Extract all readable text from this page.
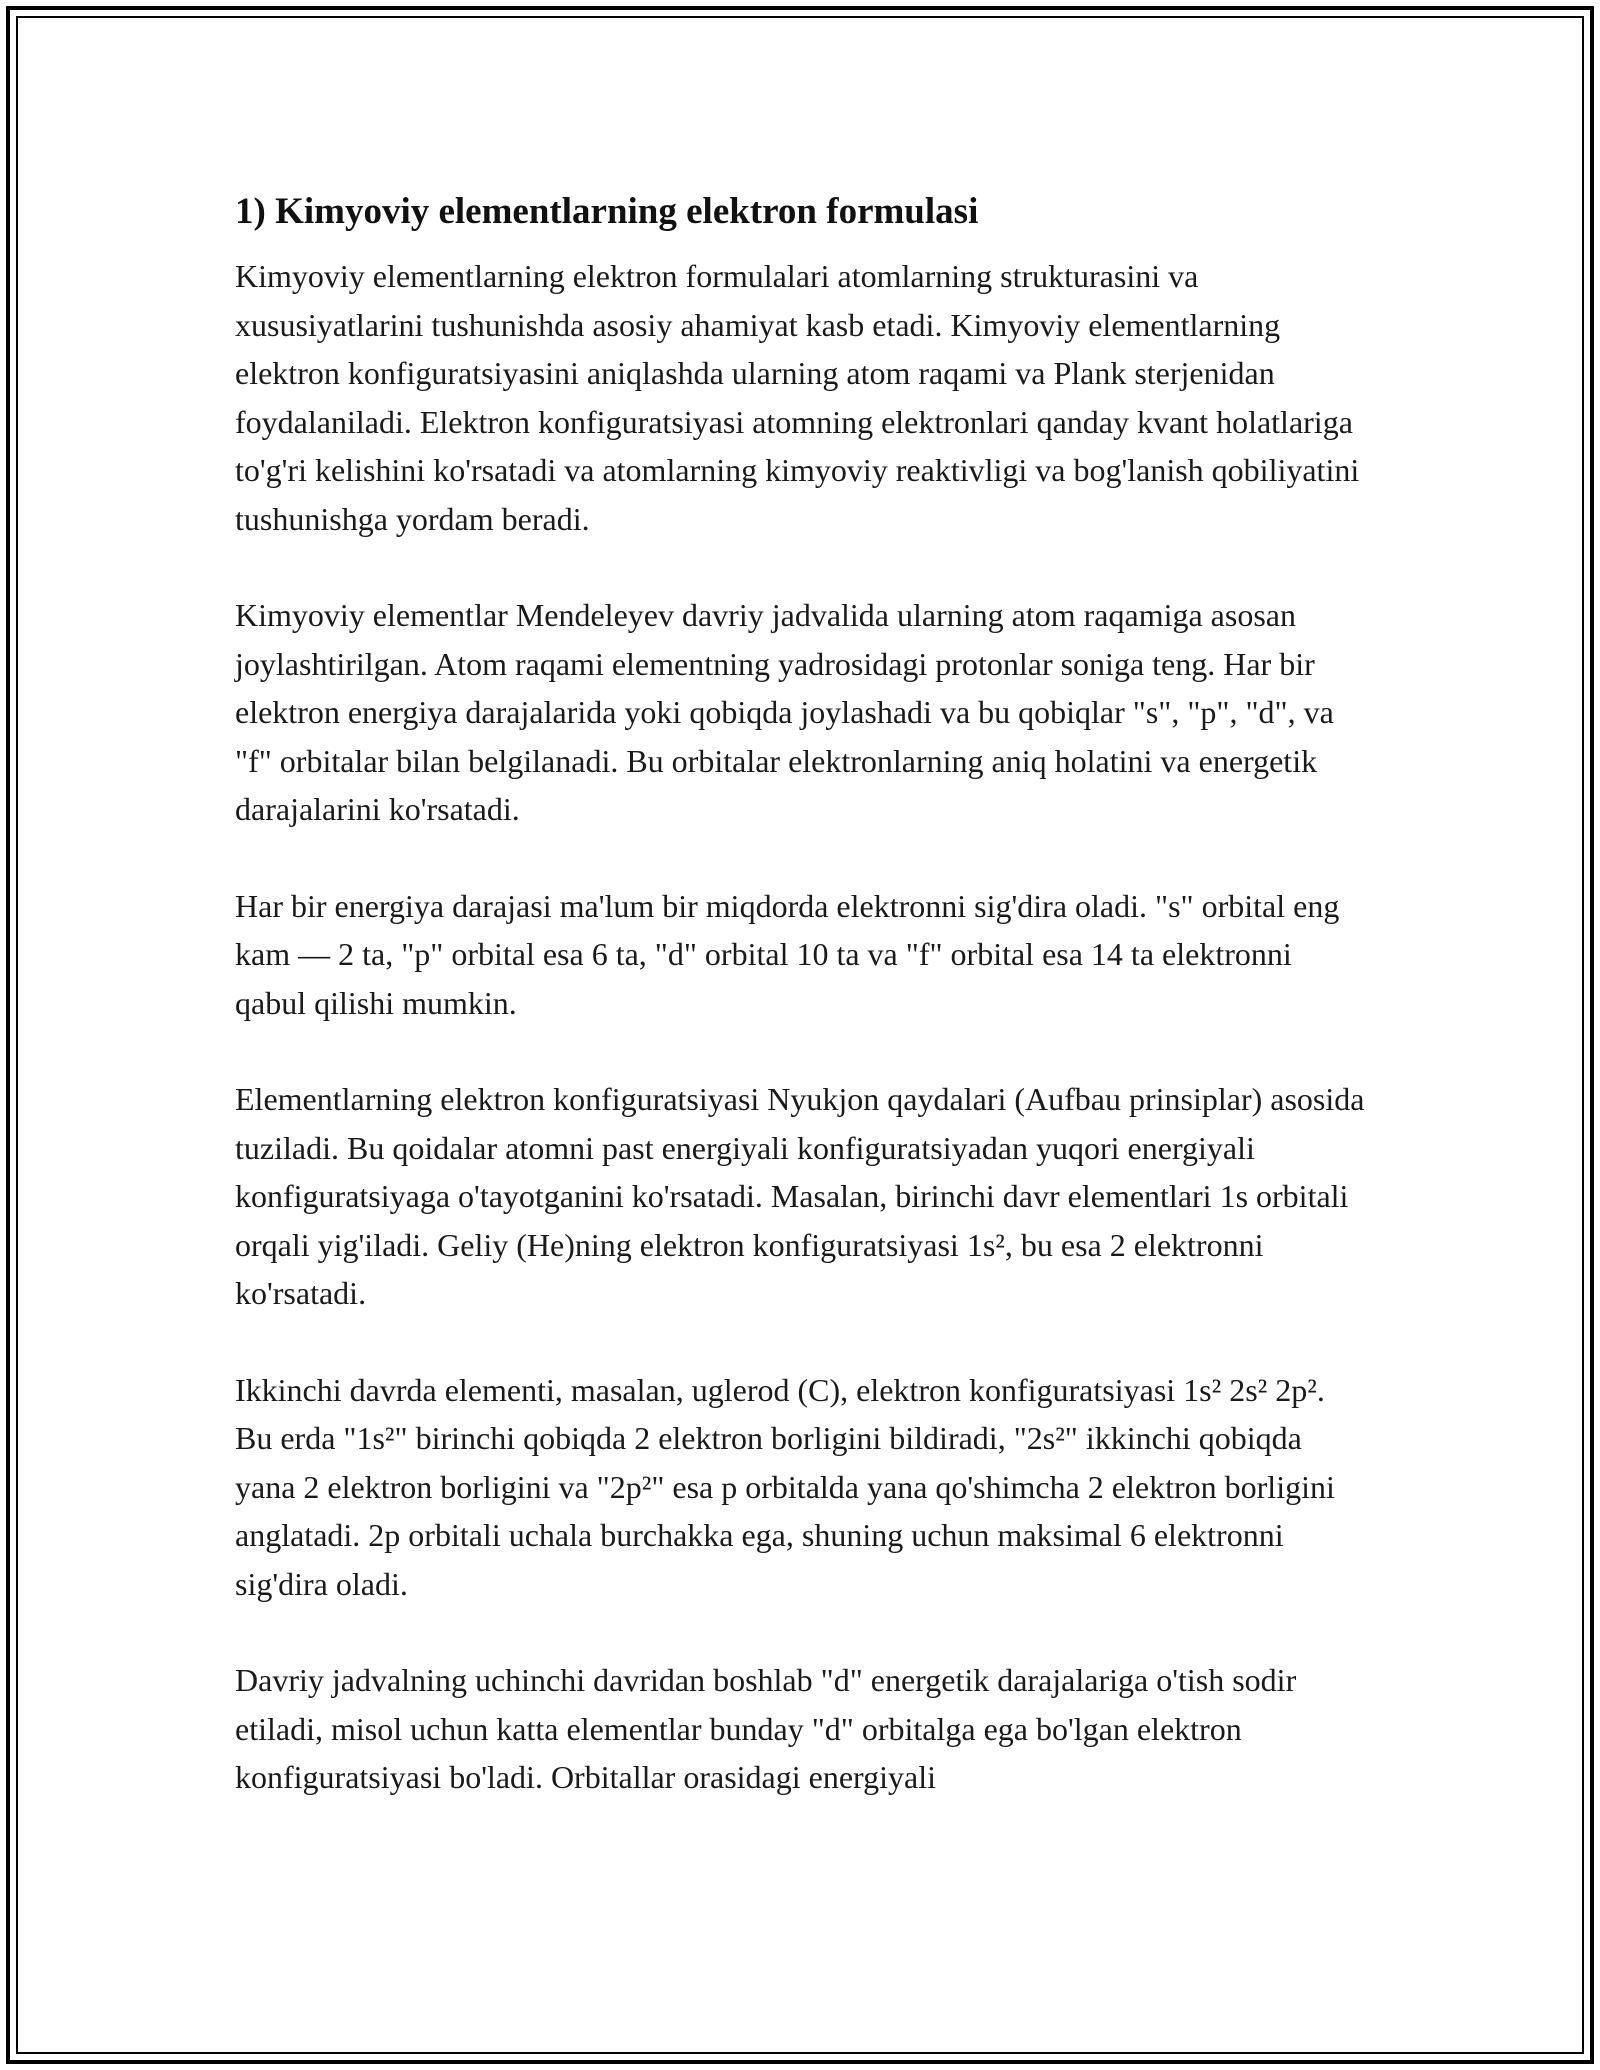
1) Kimyoviy elementlarning elektron formulasi

Kimyoviy elementlarning elektron formulalari atomlarning strukturasini va xususiyatlarini tushunishda asosiy ahamiyat kasb etadi. Kimyoviy elementlarning elektron konfiguratsiyasini aniqlashda ularning atom raqami va Plank sterjenidan foydalaniladi. Elektron konfiguratsiyasi atomning elektronlari qanday kvant holatlariga to'g'ri kelishini ko'rsatadi va atomlarning kimyoviy reaktivligi va bog'lanish qobiliyatini tushunishga yordam beradi.

Kimyoviy elementlar Mendeleyev davriy jadvalida ularning atom raqamiga asosan joylashtirilgan. Atom raqami elementning yadrosidagi protonlar soniga teng. Har bir elektron energiya darajalarida yoki qobiqda joylashadi va bu qobiqlar "s", "p", "d", va "f" orbitalar bilan belgilanadi. Bu orbitalar elektronlarning aniq holatini va energetik darajalarini ko'rsatadi.

Har bir energiya darajasi ma'lum bir miqdorda elektronni sig'dira oladi. "s" orbital eng kam — 2 ta, "p" orbital esa 6 ta, "d" orbital 10 ta va "f" orbital esa 14 ta elektronni qabul qilishi mumkin.

Elementlarning elektron konfiguratsiyasi Nyukjon qaydalari (Aufbau prinsiplar) asosida tuziladi. Bu qoidalar atomni past energiyali konfiguratsiyadan yuqori energiyali konfiguratsiyaga o'tayotganini ko'rsatadi. Masalan, birinchi davr elementlari 1s orbitali orqali yig'iladi. Geliy (He)ning elektron konfiguratsiyasi 1s², bu esa 2 elektronni ko'rsatadi.

Ikkinchi davrda elementi, masalan, uglerod (C), elektron konfiguratsiyasi 1s² 2s² 2p². Bu erda "1s²" birinchi qobiqda 2 elektron borligini bildiradi, "2s²" ikkinchi qobiqda yana 2 elektron borligini va "2p²" esa p orbitalda yana qo'shimcha 2 elektron borligini anglatadi. 2p orbitali uchala burchakka ega, shuning uchun maksimal 6 elektronni sig'dira oladi.

Davriy jadvalning uchinchi davridan boshlab "d" energetik darajalariga o'tish sodir etiladi, misol uchun katta elementlar bunday "d" orbitalga ega bo'lgan elektron konfiguratsiyasi bo'ladi. Orbitallar orasidagi energiyali
